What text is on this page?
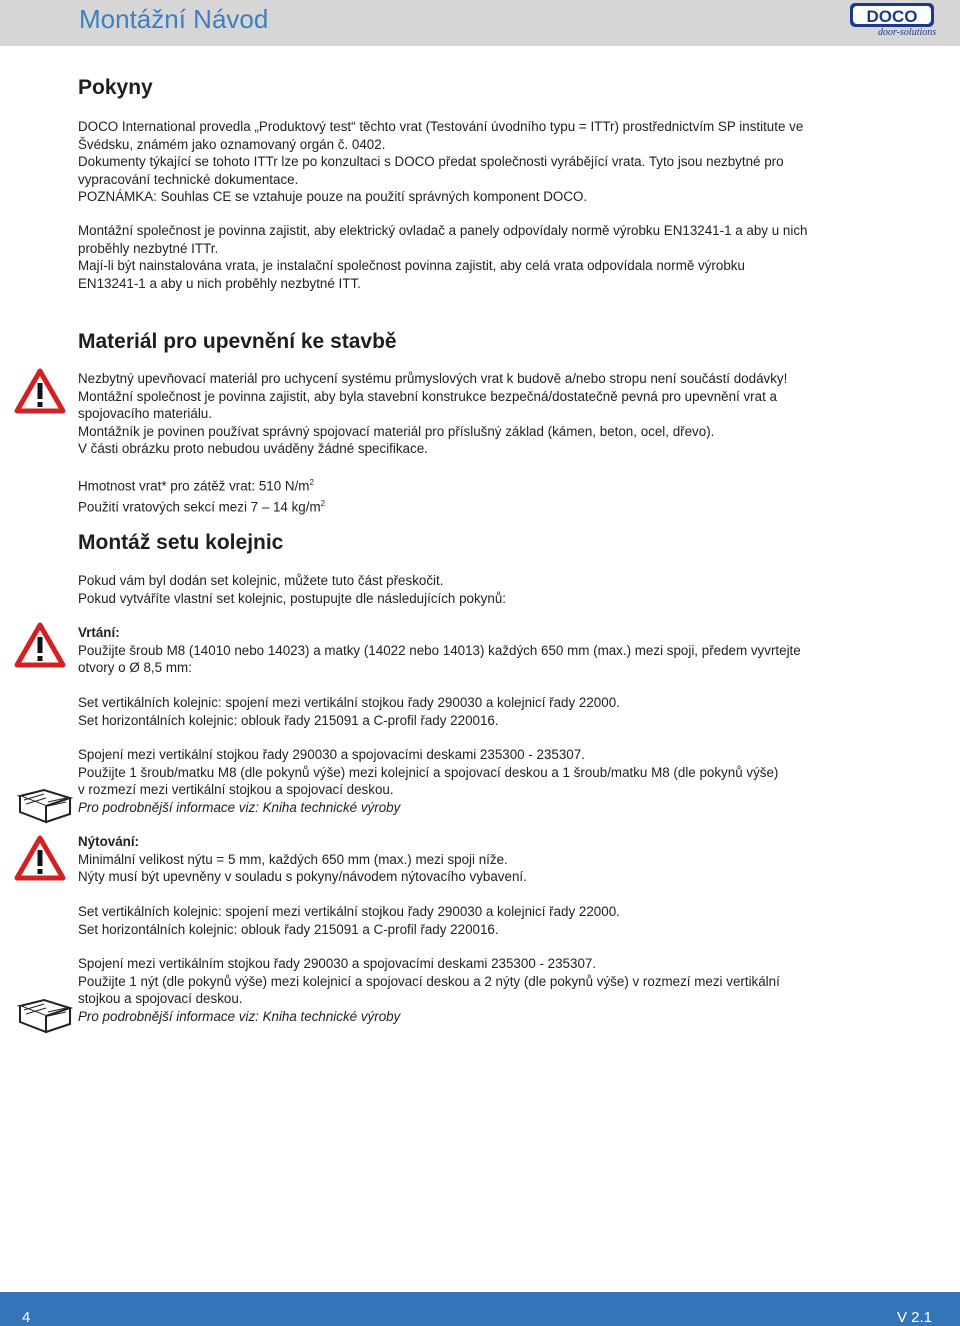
Montážní Návod	DOCO
door-solutions
Pokyny
DOCO International provedla „Produktový test“ těchto vrat (Testování úvodního typu = ITTr) prostřednictvím SP institute ve
Švédsku, známém jako oznamovaný orgán č. 0402.
Dokumenty týkající se tohoto ITTr lze po konzultaci s DOCO předat společnosti vyrábějící vrata. Tyto jsou nezbytné pro
vypracování technické dokumentace.
POZNÁMKA: Souhlas CE se vztahuje pouze na použití správných komponent DOCO.
Montážní společnost je povinna zajistit, aby elektrický ovladač a panely odpovídaly normě výrobku EN13241-1 a aby u nich
proběhly nezbytné ITTr.
Mají-li být nainstalována vrata, je instalační společnost povinna zajistit, aby celá vrata odpovídala normě výrobku
EN13241-1 a aby u nich proběhly nezbytné ITT.
Materiál pro upevnění ke stavbě
Nezbytný upevňovací materiál pro uchycení systému průmyslových vrat k budově a/nebo stropu není součástí dodávky!
Montážní společnost je povinna zajistit, aby byla stavební konstrukce bezpečná/dostatečně pevná pro upevnění vrat a
spojovacího materiálu.
Montážník je povinen používat správný spojovací materiál pro příslušný základ (kámen, beton, ocel, dřevo).
V části obrázku proto nebudou uváděny žádné specifikace.
Hmotnost vrat* pro zátěž vrat: 510 $N/m^2$
Použití vratových sekcí mezi 7 – 14 $kg/m^2$
Montáž setu kolejnic
Pokud vám byl dodán set kolejnic, můžete tuto část přeskočit.
Pokud vytváříte vlastní set kolejnic, postupujte dle následujících pokynů:
Vrtání:
Použijte šroub M8 (14010 nebo 14023) a matky (14022 nebo 14013) každých 650 mm (max.) mezi spoji, předem vyvrtejte
otvory o Ø 8,5 mm:
Set vertikálních kolejnic: spojení mezi vertikální stojkou řady 290030 a kolejnicí řady 22000.
Set horizontálních kolejnic: oblouk řady 215091 a C-profil řady 220016.
Spojení mezi vertikální stojkou řady 290030 a spojovacími deskami 235300 - 235307.
Použijte 1 šroub/matku M8 (dle pokynů výše) mezi kolejnicí a spojovací deskou a 1 šroub/matku M8 (dle pokynů výše)
v rozmezí mezi vertikální stojkou a spojovací deskou.
Pro podrobnější informace viz: Kniha technické výroby
Nýtování:
Minimální velikost nýtu = 5 mm, každých 650 mm (max.) mezi spoji níže.
Nýty musí být upevněny v souladu s pokyny/návodem nýtovacího vybavení.
Set vertikálních kolejnic: spojení mezi vertikální stojkou řady 290030 a kolejnicí řady 22000.
Set horizontálních kolejnic: oblouk řady 215091 a C-profil řady 220016.
Spojení mezi vertikálním stojkou řady 290030 a spojovacími deskami 235300 - 235307.
Použijte 1 nýt (dle pokynů výše) mezi kolejnicí a spojovací deskou a 2 nýty (dle pokynů výše) v rozmezí mezi vertikální
stojkou a spojovací deskou.
Pro podrobnější informace viz: Kniha technické výroby
4	V 2.1
